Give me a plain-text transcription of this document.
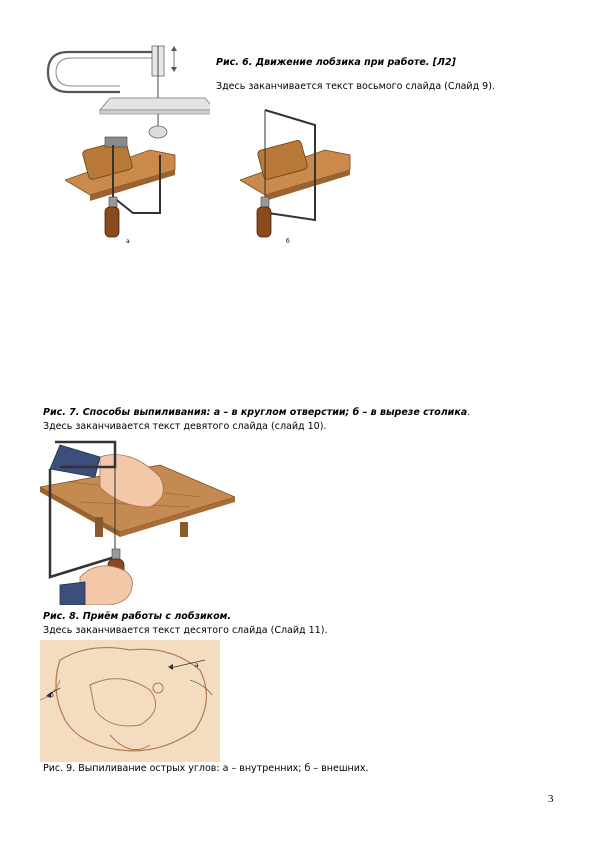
Рис. 6. Движение лобзика при работе. [Л2]
Здесь заканчивается текст восьмого слайда (Слайд 9).
а	б
Рис. 7. Способы выпиливания: а – в круглом отверстии; б – в вырезе столика.
Здесь заканчивается текст девятого слайда (слайд 10).
Рис. 8. Приём работы с лобзиком.
Здесь заканчивается текст десятого слайда (Слайд 11).
а
б
Рис. 9. Выпиливание острых углов: а – внутренних; б – внешних.
3
